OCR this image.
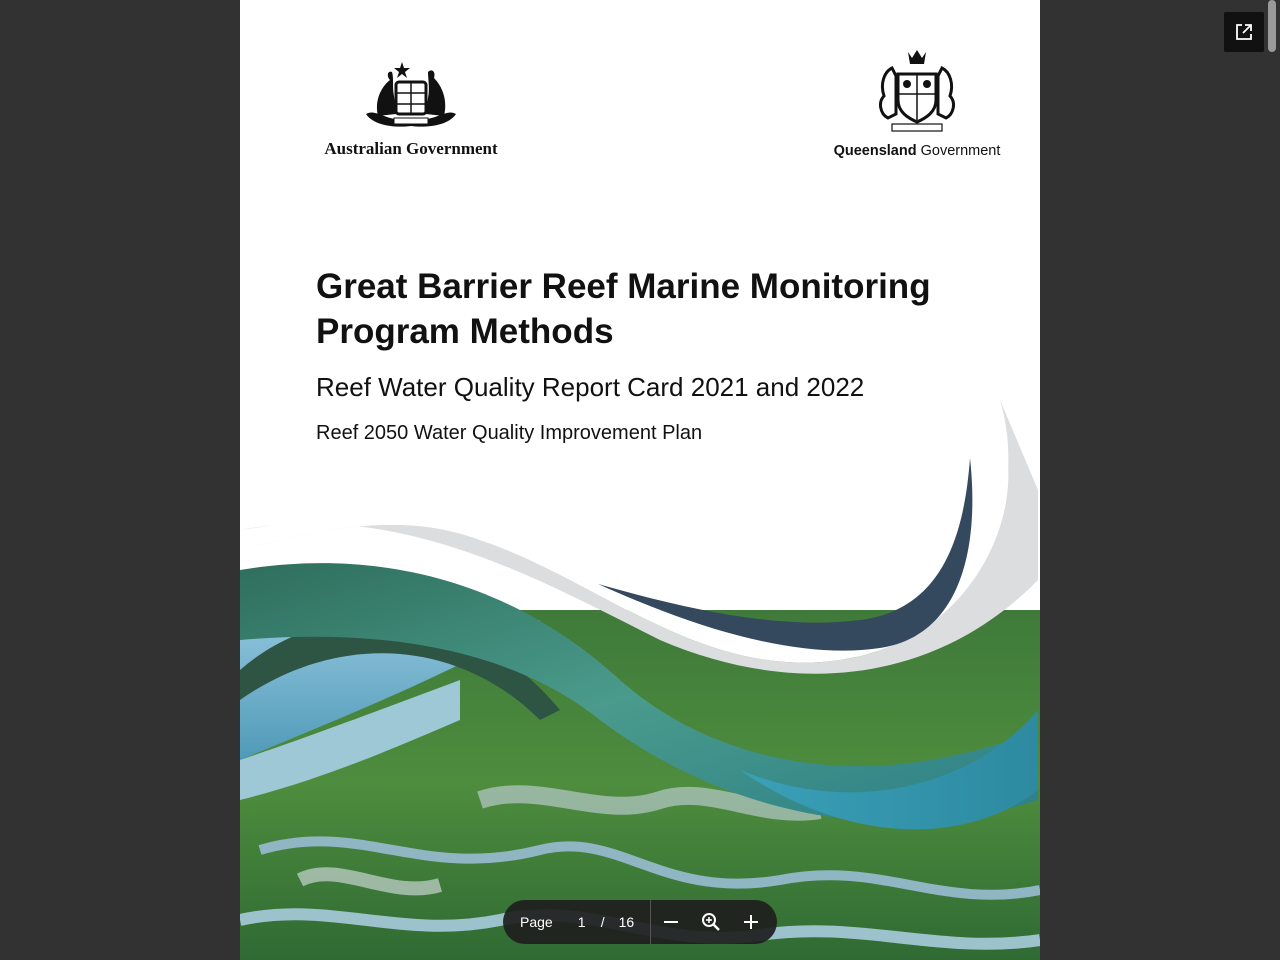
Australian Government	Queensland Government
Great Barrier Reef Marine Monitoring Program Methods
Reef Water Quality Report Card 2021 and 2022
Reef 2050 Water Quality Improvement Plan
Page	1	/ 16
